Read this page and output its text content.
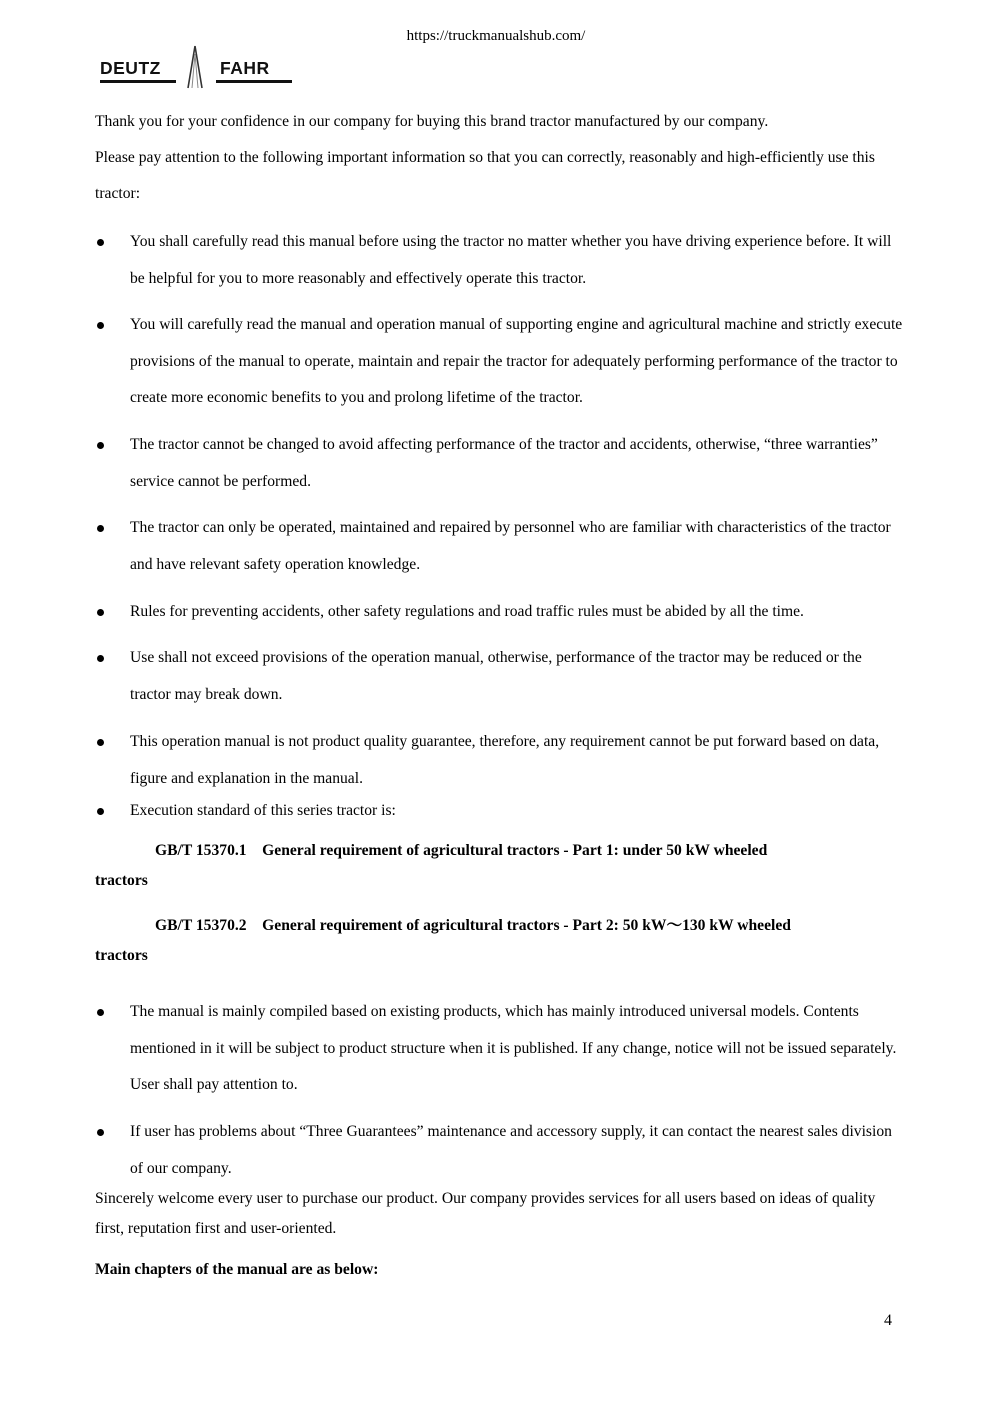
https://truckmanualshub.com/
DEUTZ	FAHR
Thank you for your confidence in our company for buying this brand tractor manufactured by our company.
Please pay attention to the following important information so that you can correctly, reasonably and high-efficiently use this tractor:
You shall carefully read this manual before using the tractor no matter whether you have driving experience before. It will be helpful for you to more reasonably and effectively operate this tractor.
You will carefully read the manual and operation manual of supporting engine and agricultural machine and strictly execute provisions of the manual to operate, maintain and repair the tractor for adequately performing performance of the tractor to create more economic benefits to you and prolong lifetime of the tractor.
The tractor cannot be changed to avoid affecting performance of the tractor and accidents, otherwise, “three warranties” service cannot be performed.
The tractor can only be operated, maintained and repaired by personnel who are familiar with characteristics of the tractor and have relevant safety operation knowledge.
Rules for preventing accidents, other safety regulations and road traffic rules must be abided by all the time.
Use shall not exceed provisions of the operation manual, otherwise, performance of the tractor may be reduced or the tractor may break down.
This operation manual is not product quality guarantee, therefore, any requirement cannot be put forward based on data, figure and explanation in the manual.
Execution standard of this series tractor is:
GB/T 15370.1 General requirement of agricultural tractors - Part 1: under 50 kW wheeled
tractors
GB/T 15370.2 General requirement of agricultural tractors - Part 2: 50 kW～130 kW wheeled
tractors
The manual is mainly compiled based on existing products, which has mainly introduced universal models. Contents mentioned in it will be subject to product structure when it is published. If any change, notice will not be issued separately. User shall pay attention to.
If user has problems about “Three Guarantees” maintenance and accessory supply, it can contact the nearest sales division of our company.
Sincerely welcome every user to purchase our product. Our company provides services for all users based on ideas of quality first, reputation first and user-oriented.
Main chapters of the manual are as below:
4
